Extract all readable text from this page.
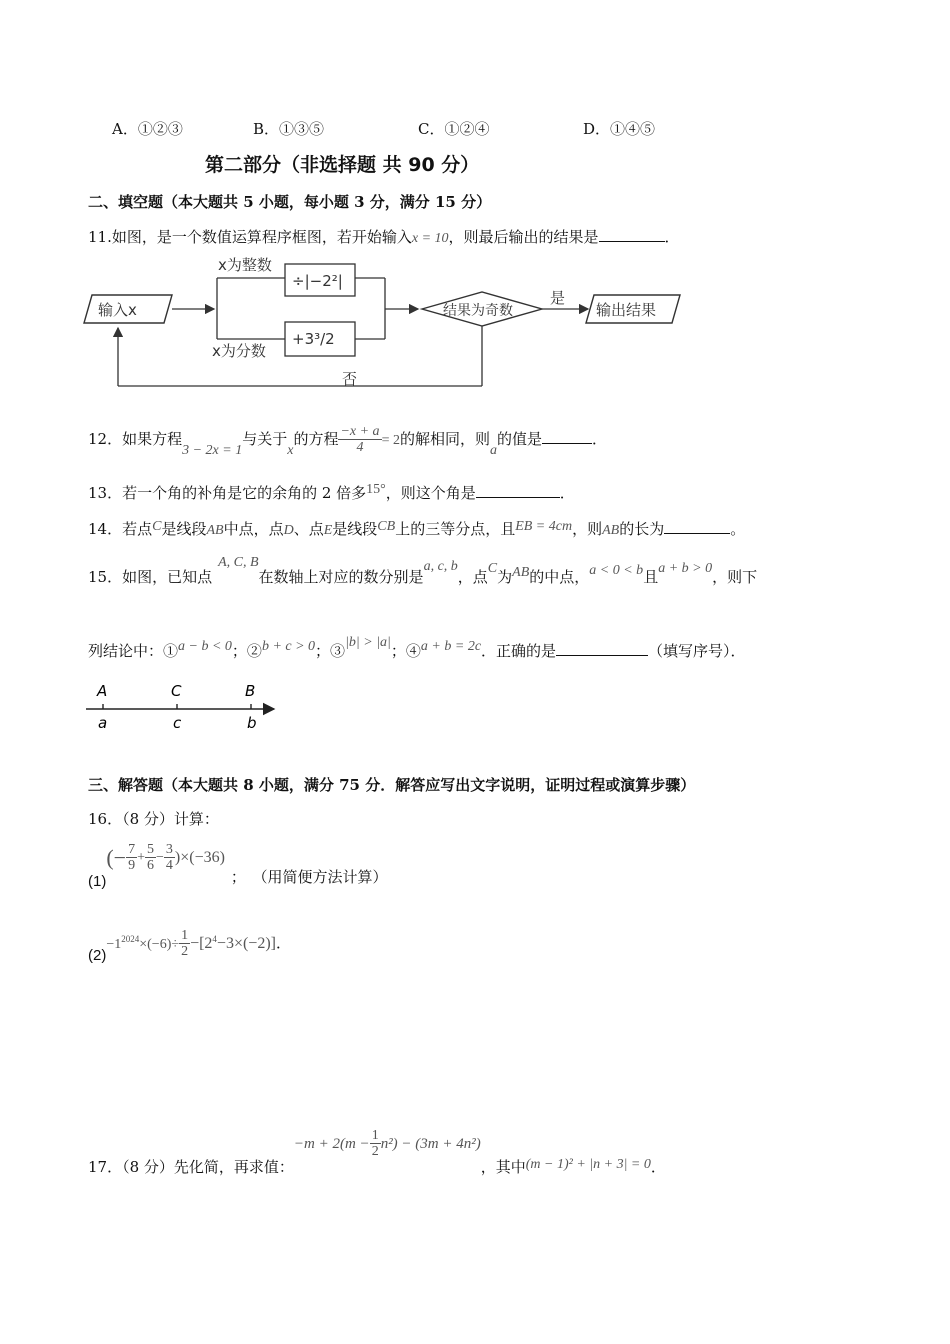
A．①②③	B．①③⑤	C．①②④	D．①④⑤
第二部分（非选择题 共 90 分）
二、填空题（本大题共 5 小题，每小题 3 分，满分 15 分）
11.如图，是一个数值运算程序框图，若开始输入x = 10，则最后输出的结果是	．
输入x
÷|−2²|
x为整数
+3³/2
x为分数
结果为奇数
是
输出结果
否
12．如果方程3 − 2x = 1与关于x的方程 $\frac{-x + a}{4} = 2$的解相同，则a的值是	．
13．若一个角的补角是它的余角的 2 倍多15°，则这个角是	．
14．若点C是线段AB中点，点D、点E是线段CB上的三等分点，且EB = 4cm，则AB的长为	。
15．如图，已知点A, C, B在数轴上对应的数分别是a, c, b，点C为AB的中点，a < 0 < b且a + b > 0，则下
列结论中：①a − b < 0；②b + c > 0；③|b| > |a|；④a + b = 2c．正确的是	（填写序号）．
A	C	B
a	c	b
三、解答题（本大题共 8 小题，满分 75 分．解答应写出文字说明，证明过程或演算步骤）
16．（8 分）计算：
$(1)(- \frac{7}{9} + \frac{5}{6} - \frac{3}{4} )\times(-36)$； （用简便方法计算）
$(2)-1^{2024}\times(-6)\div \frac{1}{2} -[2^4-3\times(-2)]$．
17．（8 分）先化简，再求值：$-m + 2(m - \frac{1}{2} n^2) - (3m + 4n^2)$，其中(m − 1)² + |n + 3| = 0．
